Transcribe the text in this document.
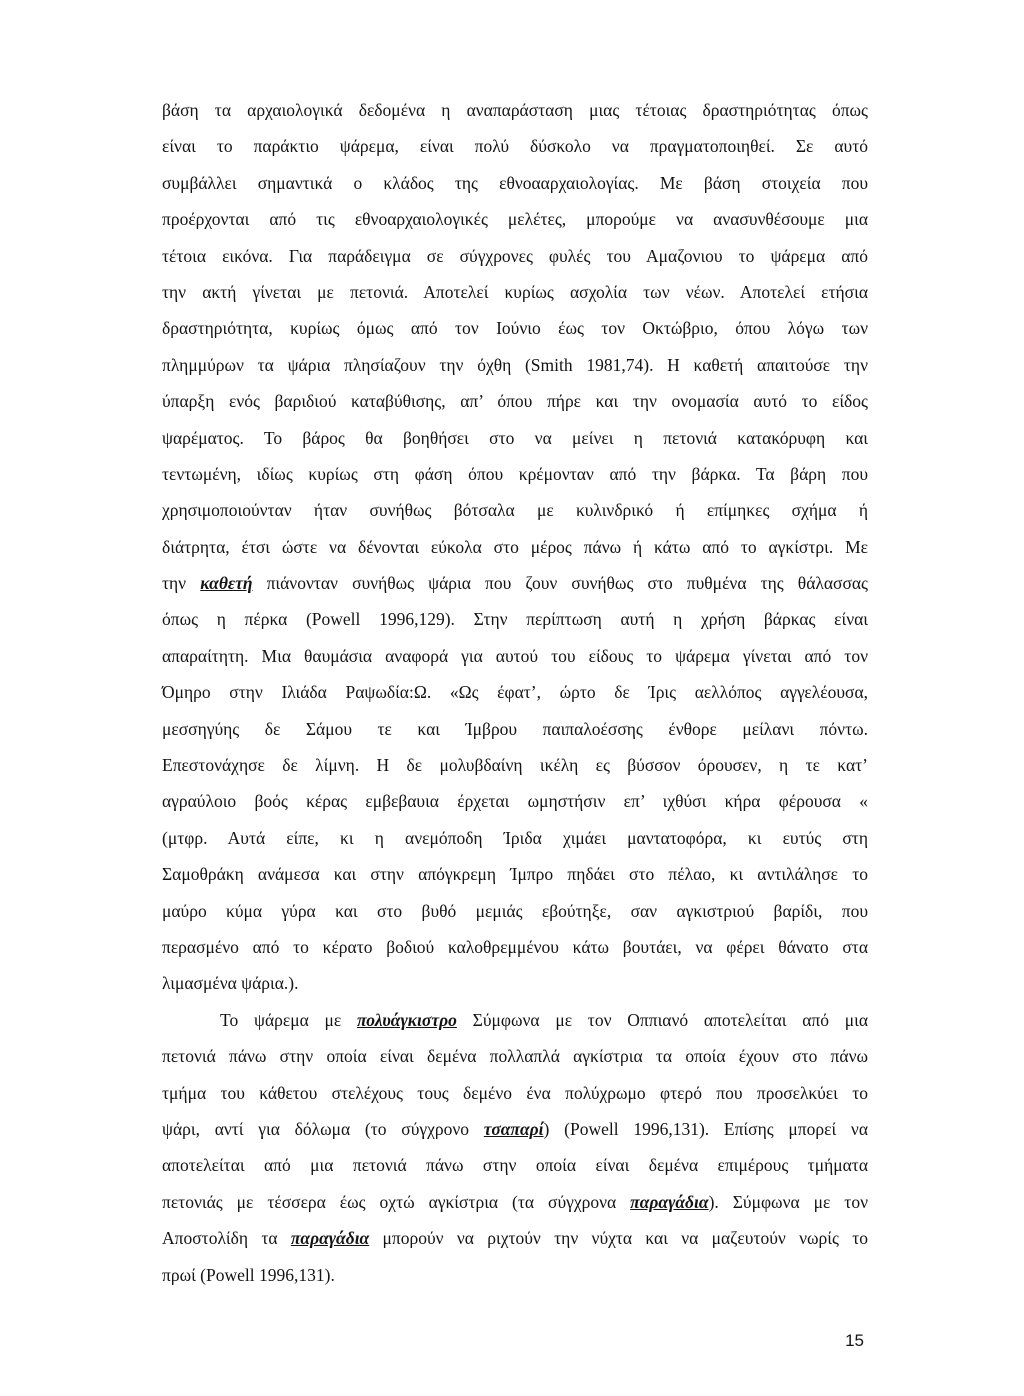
βάση τα αρχαιολογικά δεδομένα η αναπαράσταση μιας τέτοιας δραστηριότητας όπως
είναι το παράκτιο ψάρεμα, είναι πολύ δύσκολο να πραγματοποιηθεί. Σε αυτό
συμβάλλει σημαντικά ο κλάδος της εθνοααρχαιολογίας. Με βάση στοιχεία που
προέρχονται από τις εθνοαρχαιολογικές μελέτες, μπορούμε να ανασυνθέσουμε μια
τέτοια εικόνα. Για παράδειγμα σε σύγχρονες φυλές του Αμαζονιου το ψάρεμα από
την ακτή γίνεται με πετονιά. Αποτελεί κυρίως ασχολία των νέων. Αποτελεί ετήσια
δραστηριότητα, κυρίως όμως από τον Ιούνιο έως τον Οκτώβριο, όπου λόγω των
πλημμύρων τα ψάρια πλησίαζουν την όχθη (Smith 1981,74). Η καθετή απαιτούσε την
ύπαρξη ενός βαριδιού καταβύθισης, απ’ όπου πήρε και την ονομασία αυτό το είδος
ψαρέματος. Το βάρος θα βοηθήσει στο να μείνει η πετονιά κατακόρυφη και
τεντωμένη, ιδίως κυρίως στη φάση όπου κρέμονταν από την βάρκα. Τα βάρη που
χρησιμοποιούνταν ήταν συνήθως βότσαλα με κυλινδρικό ή επίμηκες σχήμα ή
διάτρητα, έτσι ώστε να δένονται εύκολα στο μέρος πάνω ή κάτω από το αγκίστρι. Με
την καθετή πιάνονταν συνήθως ψάρια που ζουν συνήθως στο πυθμένα της θάλασσας
όπως η πέρκα (Powell 1996,129). Στην περίπτωση αυτή η χρήση βάρκας είναι
απαραίτητη. Μια θαυμάσια αναφορά για αυτού του είδους το ψάρεμα γίνεται από τον
Όμηρο στην Ιλιάδα Ραψωδία:Ω. «Ως έφατ’, ώρτο δε Ίρις αελλόπος αγγελέουσα,
μεσσηγύης δε Σάμου τε και Ίμβρου παιπαλοέσσης ένθορε μείλανι πόντω.
Επεστονάχησε δε λίμνη. Η δε μολυβδαίνη ικέλη ες βύσσον όρουσεν, η τε κατ’
αγραύλοιο βοός κέρας εμβεβαυια έρχεται ωμηστήσιν επ’ ιχθύσι κήρα φέρουσα «
(μτφρ. Αυτά είπε, κι η ανεμόποδη Ίριδα χιμάει μαντατοφόρα, κι ευτύς στη
Σαμοθράκη ανάμεσα και στην απόγκρεμη Ίμπρο πηδάει στο πέλαο, κι αντιλάλησε το
μαύρο κύμα γύρα και στο βυθό μεμιάς εβούτηξε, σαν αγκιστριού βαρίδι, που
περασμένο από το κέρατο βοδιού καλοθρεμμένου κάτω βουτάει, να φέρει θάνατο στα
λιμασμένα ψάρια.).
Το ψάρεμα με πολυάγκιστρο Σύμφωνα με τον Οππιανό αποτελείται από μια
πετονιά πάνω στην οποία είναι δεμένα πολλαπλά αγκίστρια τα οποία έχουν στο πάνω
τμήμα του κάθετου στελέχους τους δεμένο ένα πολύχρωμο φτερό που προσελκύει το
ψάρι, αντί για δόλωμα (το σύγχρονο τσαπαρί) (Powell 1996,131). Επίσης μπορεί να
αποτελείται από μια πετονιά πάνω στην οποία είναι δεμένα επιμέρους τμήματα
πετονιάς με τέσσερα έως οχτώ αγκίστρια (τα σύγχρονα παραγάδια). Σύμφωνα με τον
Αποστολίδη τα παραγάδια μπορούν να ριχτούν την νύχτα και να μαζευτούν νωρίς το
πρωί (Powell 1996,131).
15
